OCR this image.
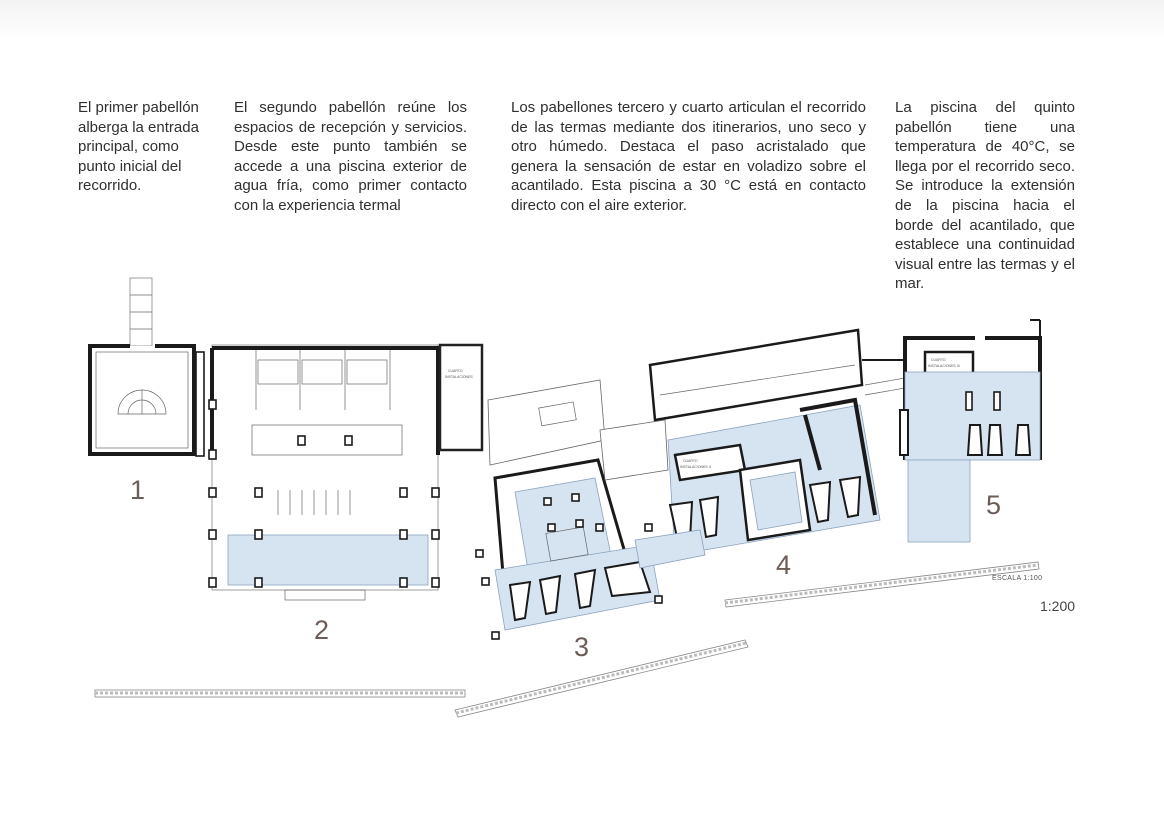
El primer pabellón alberga la entrada principal, como punto inicial del recorrido.

El segundo pabellón reúne los espacios de recepción y servicios. Desde este punto también se accede a una piscina exterior de agua fría, como primer contacto con la experiencia termal

Los pabellones tercero y cuarto articulan el recorrido de las termas mediante dos itinerarios, uno seco y otro húmedo. Destaca el paso acristalado que genera la sensación de estar en voladizo sobre el acantilado. Esta piscina a 30 °C está en contacto directo con el aire exterior.

La piscina del quinto pabellón tiene una temperatura de 40°C, se llega por el recorrido seco. Se introduce la extensión de la piscina hacia el borde del acantilado, que establece una continuidad visual entre las termas y el mar.

CUARTO
INSTALACIONES
CUARTO
INSTALACIONES II
CUARTO
INSTALACIONES III
1
2
3
4
5
ESCALA 1:100
1:200
